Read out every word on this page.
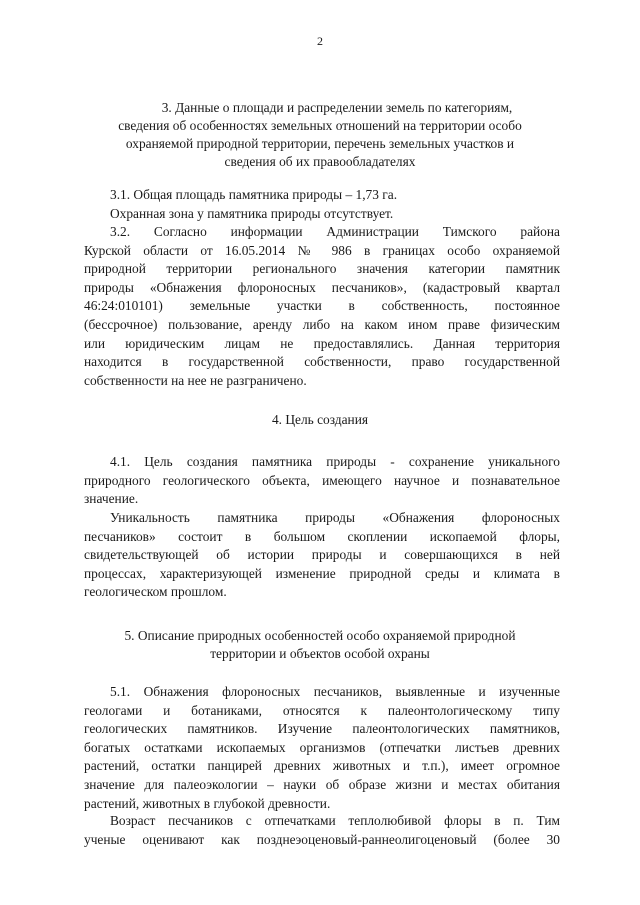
2
3. Данные о площади и распределении земель по категориям,
сведения об особенностях земельных отношений на территории особо
охраняемой природной территории, перечень земельных участков и
сведения об их правообладателях
3.1. Общая площадь памятника природы – 1,73 га.
Охранная зона у памятника природы отсутствует.
3.2. Согласно информации Администрации Тимского района
Курской области от 16.05.2014 № 986 в границах особо охраняемой
природной территории регионального значения категории памятник
природы «Обнажения флороносных песчаников», (кадастровый квартал
46:24:010101) земельные участки в собственность, постоянное
(бессрочное) пользование, аренду либо на каком ином праве физическим
или юридическим лицам не предоставлялись. Данная территория
находится в государственной собственности, право государственной
собственности на нее не разграничено.
4. Цель создания
4.1. Цель создания памятника природы - сохранение уникального
природного геологического объекта, имеющего научное и познавательное
значение.
Уникальность памятника природы «Обнажения флороносных
песчаников» состоит в большом скоплении ископаемой флоры,
свидетельствующей об истории природы и совершающихся в ней
процессах, характеризующей изменение природной среды и климата в
геологическом прошлом.
5. Описание природных особенностей особо охраняемой природной
территории и объектов особой охраны
5.1. Обнажения флороносных песчаников, выявленные и изученные
геологами и ботаниками, относятся к палеонтологическому типу
геологических памятников. Изучение палеонтологических памятников,
богатых остатками ископаемых организмов (отпечатки листьев древних
растений, остатки панцирей древних животных и т.п.), имеет огромное
значение для палеоэкологии – науки об образе жизни и местах обитания
растений, животных в глубокой древности.
Возраст песчаников с отпечатками теплолюбивой флоры в п. Тим
ученые оценивают как позднеэоценовый-раннеолигоценовый (более 30
